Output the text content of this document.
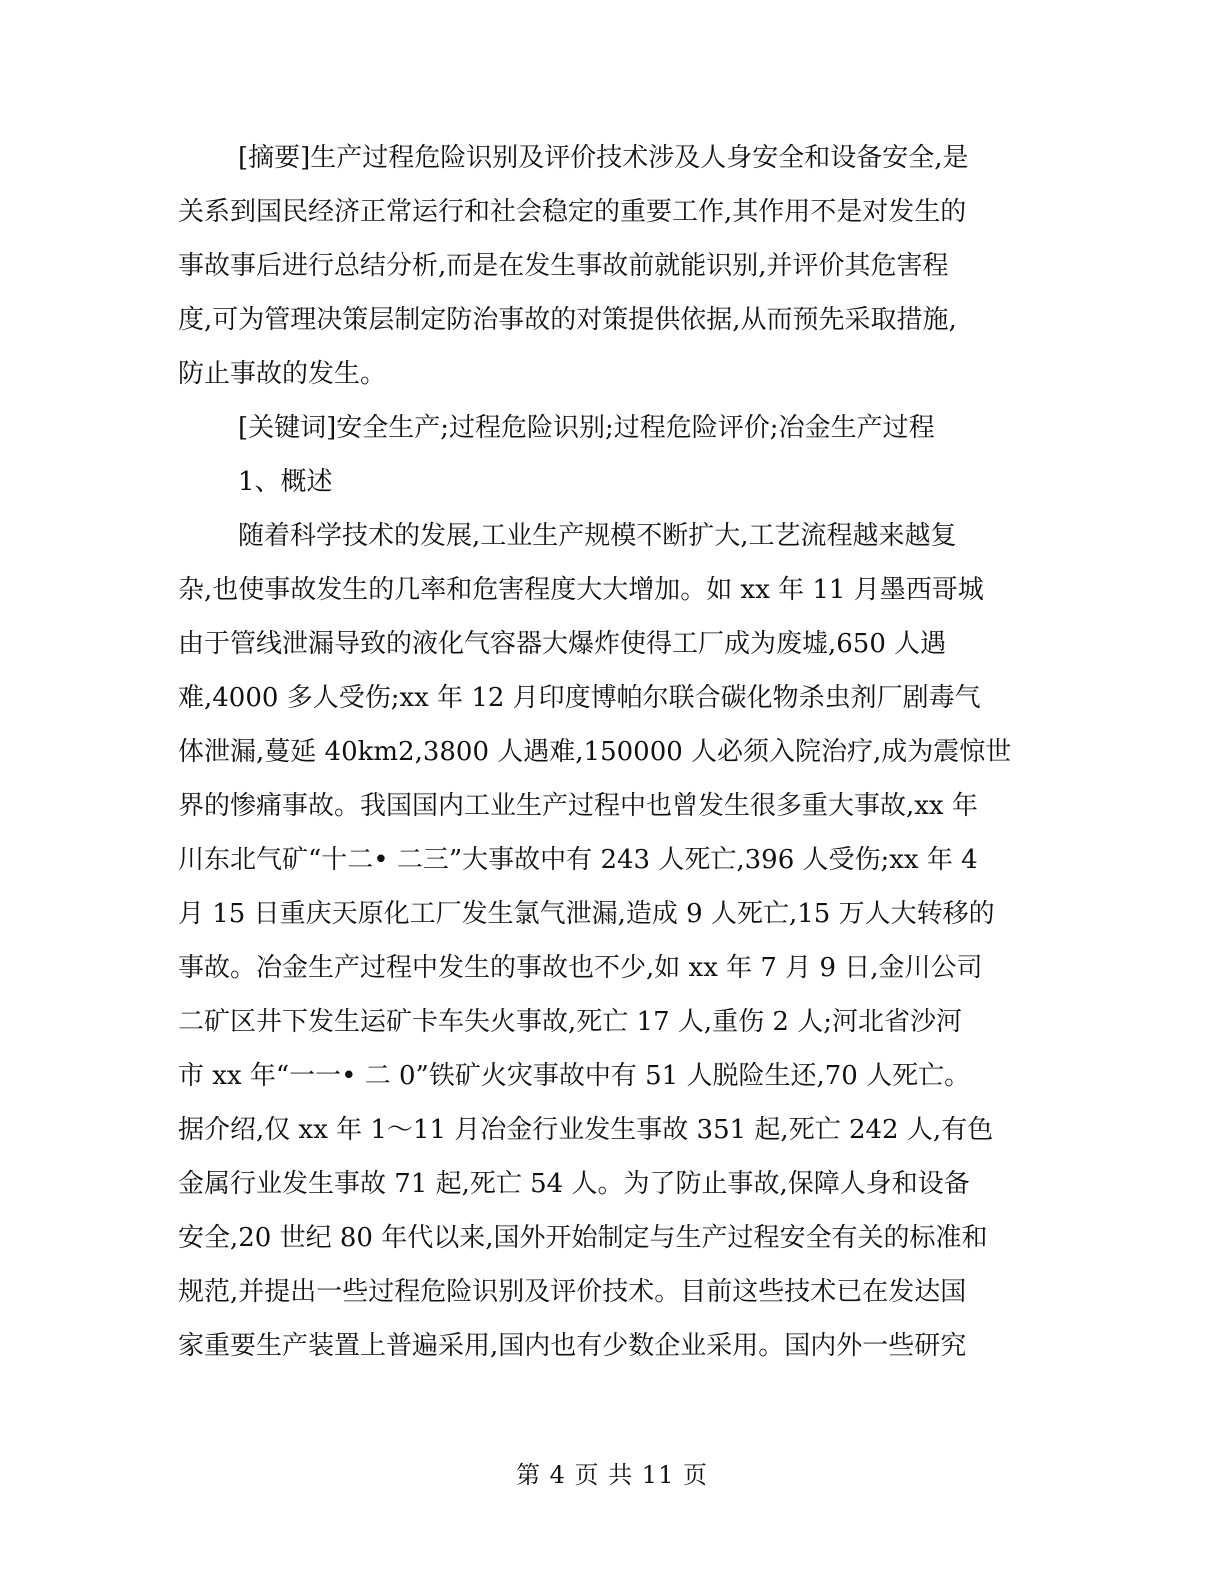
[摘要]生产过程危险识别及评价技术涉及人身安全和设备安全,是
关系到国民经济正常运行和社会稳定的重要工作,其作用不是对发生的
事故事后进行总结分析,而是在发生事故前就能识别,并评价其危害程
度,可为管理决策层制定防治事故的对策提供依据,从而预先采取措施,
防止事故的发生。
[关键词]安全生产;过程危险识别;过程危险评价;冶金生产过程
1、概述
随着科学技术的发展,工业生产规模不断扩大,工艺流程越来越复
杂,也使事故发生的几率和危害程度大大增加。如 xx 年 11 月墨西哥城
由于管线泄漏导致的液化气容器大爆炸使得工厂成为废墟,650 人遇
难,4000 多人受伤;xx 年 12 月印度博帕尔联合碳化物杀虫剂厂剧毒气
体泄漏,蔓延 40km2,3800 人遇难,150000 人必须入院治疗,成为震惊世
界的惨痛事故。我国国内工业生产过程中也曾发生很多重大事故,xx 年
川东北气矿“十二• 二三”大事故中有 243 人死亡,396 人受伤;xx 年 4
月 15 日重庆天原化工厂发生氯气泄漏,造成 9 人死亡,15 万人大转移的
事故。冶金生产过程中发生的事故也不少,如 xx 年 7 月 9 日,金川公司
二矿区井下发生运矿卡车失火事故,死亡 17 人,重伤 2 人;河北省沙河
市 xx 年“一一• 二 0”铁矿火灾事故中有 51 人脱险生还,70 人死亡。
据介绍,仅 xx 年 1～11 月冶金行业发生事故 351 起,死亡 242 人,有色
金属行业发生事故 71 起,死亡 54 人。为了防止事故,保障人身和设备
安全,20 世纪 80 年代以来,国外开始制定与生产过程安全有关的标准和
规范,并提出一些过程危险识别及评价技术。目前这些技术已在发达国
家重要生产装置上普遍采用,国内也有少数企业采用。国内外一些研究
第 4 页 共 11 页
